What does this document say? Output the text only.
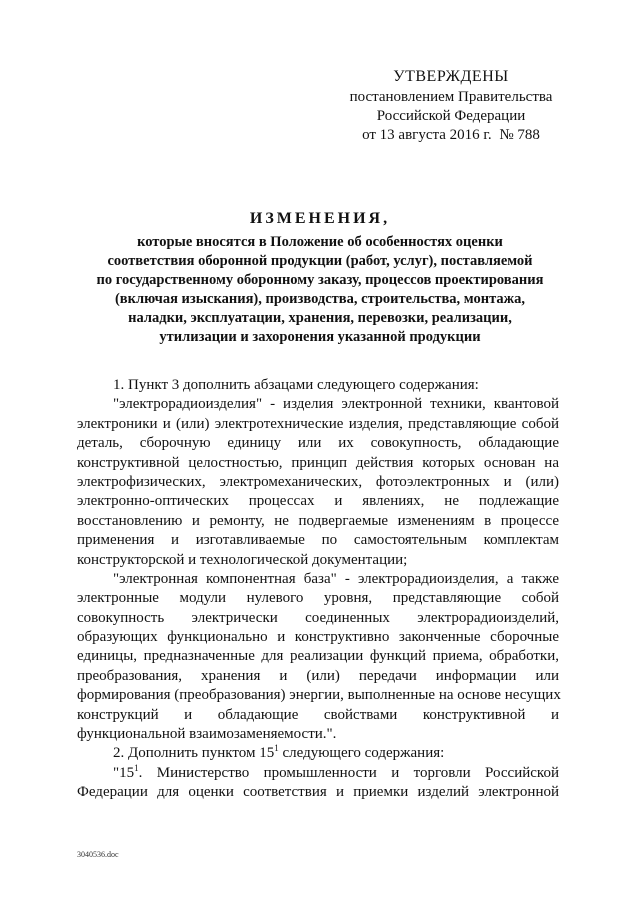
УТВЕРЖДЕНЫ
постановлением Правительства
Российской Федерации
от 13 августа 2016 г. № 788
ИЗМЕНЕНИЯ,
которые вносятся в Положение об особенностях оценки
соответствия оборонной продукции (работ, услуг), поставляемой
по государственному оборонному заказу, процессов проектирования
(включая изыскания), производства, строительства, монтажа,
наладки, эксплуатации, хранения, перевозки, реализации,
утилизации и захоронения указанной продукции
1. Пункт 3 дополнить абзацами следующего содержания:
"электрорадиоизделия" - изделия электронной техники, квантовой
электроники и (или) электротехнические изделия, представляющие собой
деталь, сборочную единицу или их совокупность, обладающие
конструктивной целостностью, принцип действия которых основан на
электрофизических, электромеханических, фотоэлектронных и (или)
электронно-оптических процессах и явлениях, не подлежащие
восстановлению и ремонту, не подвергаемые изменениям в процессе
применения и изготавливаемые по самостоятельным комплектам
конструкторской и технологической документации;
"электронная компонентная база" - электрорадиоизделия, а также
электронные модули нулевого уровня, представляющие собой
совокупность электрически соединенных электрорадиоизделий,
образующих функционально и конструктивно законченные сборочные
единицы, предназначенные для реализации функций приема, обработки,
преобразования, хранения и (или) передачи информации или
формирования (преобразования) энергии, выполненные на основе несущих
конструкций и обладающие свойствами конструктивной и
функциональной взаимозаменяемости.".
2. Дополнить пунктом $15^1$ следующего содержания:
"$15^1$. Министерство промышленности и торговли Российской
Федерации для оценки соответствия и приемки изделий электронной
3040536.doc
